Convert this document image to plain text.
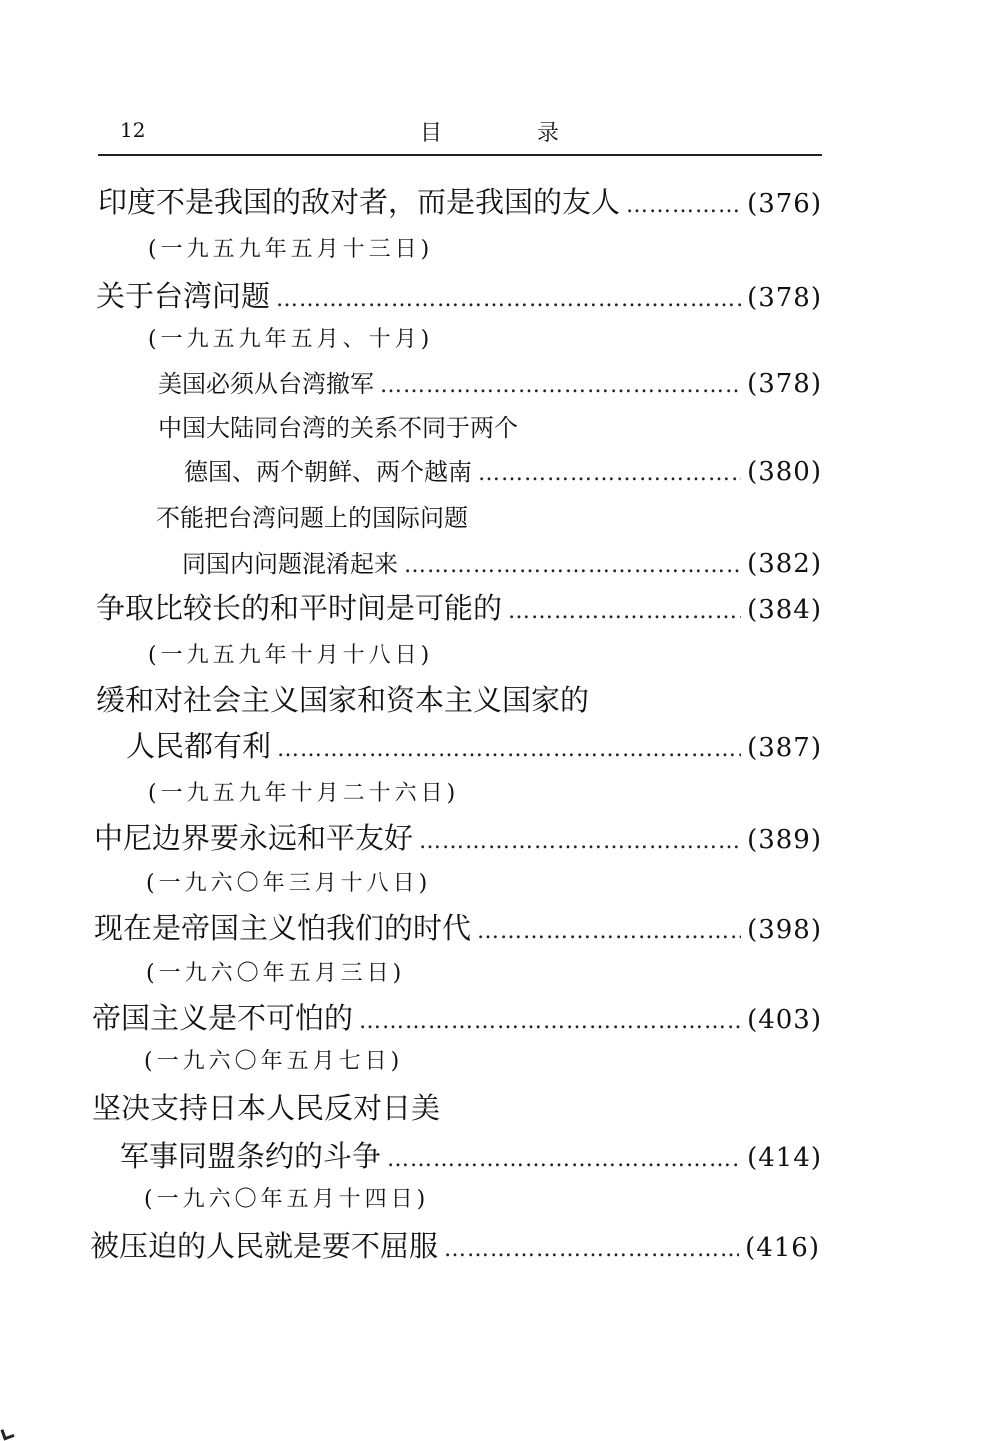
12	目 录
印度不是我国的敌对者，而是我国的友人 ……………………………………………………………………………………………………………………………………	(376)
(一九五九年五月十三日)
关于台湾问题 ……………………………………………………………………………………………………………………………………	(378)
(一九五九年五月、十月)
美国必须从台湾撤军 ……………………………………………………………………………………………………………………………………	(378)
中国大陆同台湾的关系不同于两个
德国、两个朝鲜、两个越南 ……………………………………………………………………………………………………………………………………	(380)
不能把台湾问题上的国际问题
同国内问题混淆起来 ……………………………………………………………………………………………………………………………………	(382)
争取比较长的和平时间是可能的 ……………………………………………………………………………………………………………………………………	(384)
(一九五九年十月十八日)
缓和对社会主义国家和资本主义国家的
人民都有利 ……………………………………………………………………………………………………………………………………	(387)
(一九五九年十月二十六日)
中尼边界要永远和平友好 ……………………………………………………………………………………………………………………………………	(389)
(一九六〇年三月十八日)
现在是帝国主义怕我们的时代 ……………………………………………………………………………………………………………………………………	(398)
(一九六〇年五月三日)
帝国主义是不可怕的 ……………………………………………………………………………………………………………………………………	(403)
(一九六〇年五月七日)
坚决支持日本人民反对日美
军事同盟条约的斗争 ……………………………………………………………………………………………………………………………………	(414)
(一九六〇年五月十四日)
被压迫的人民就是要不屈服 ……………………………………………………………………………………………………………………………………	(416)
